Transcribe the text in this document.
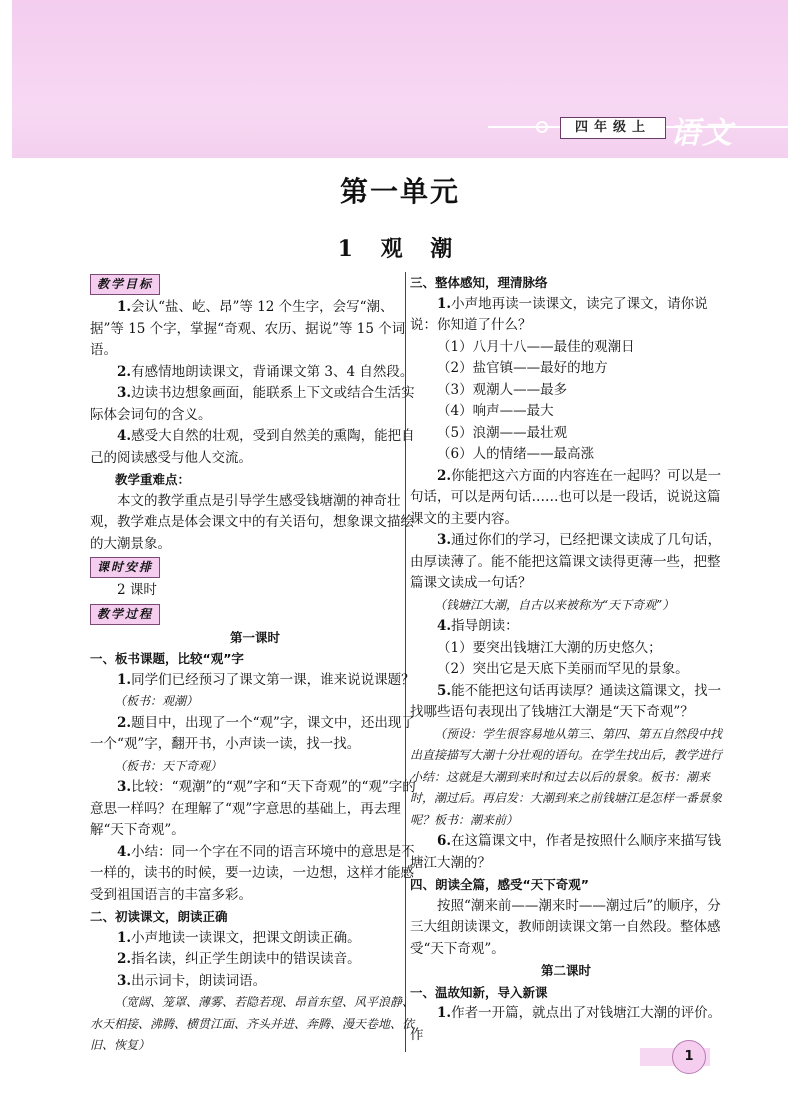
四年级上 语文
第一单元
1 观 潮
教学目标

1.会认“盐、屹、昂”等 12 个生字，会写“潮、据”等 15 个字，掌握“奇观、农历、据说”等 15 个词语。

2.有感情地朗读课文，背诵课文第 3、4 自然段。

3.边读书边想象画面，能联系上下文或结合生活实际体会词句的含义。

4.感受大自然的壮观，受到自然美的熏陶，能把自己的阅读感受与他人交流。

教学重难点：

本文的教学重点是引导学生感受钱塘潮的神奇壮观，教学难点是体会课文中的有关语句，想象课文描绘的大潮景象。

课时安排

2 课时

教学过程

第一课时

一、板书课题，比较“观”字

1.同学们已经预习了课文第一课，谁来说说课题？

（板书：观潮）

2.题目中，出现了一个“观”字，课文中，还出现了一个“观”字，翻开书，小声读一读，找一找。

（板书：天下奇观）

3.比较：“观潮”的“观”字和“天下奇观”的“观”字的意思一样吗？在理解了“观”字意思的基础上，再去理解“天下奇观”。

4.小结：同一个字在不同的语言环境中的意思是不一样的，读书的时候，要一边读，一边想，这样才能感受到祖国语言的丰富多彩。

二、初读课文，朗读正确

1.小声地读一读课文，把课文朗读正确。

2.指名读，纠正学生朗读中的错误读音。

3.出示词卡，朗读词语。

（宽阔、笼罩、薄雾、若隐若现、昂首东望、风平浪静、水天相接、沸腾、横贯江面、齐头并进、奔腾、漫天卷地、依旧、恢复）

三、整体感知，理清脉络

1.小声地再读一读课文，读完了课文，请你说说：你知道了什么？

（1）八月十八——最佳的观潮日

（2）盐官镇——最好的地方

（3）观潮人——最多

（4）响声——最大

（5）浪潮——最壮观

（6）人的情绪——最高涨

2.你能把这六方面的内容连在一起吗？可以是一句话，可以是两句话……也可以是一段话，说说这篇课文的主要内容。

3.通过你们的学习，已经把课文读成了几句话，由厚读薄了。能不能把这篇课文读得更薄一些，把整篇课文读成一句话？

（钱塘江大潮，自古以来被称为“天下奇观”）

4.指导朗读：

（1）要突出钱塘江大潮的历史悠久；

（2）突出它是天底下美丽而罕见的景象。

5.能不能把这句话再读厚？通读这篇课文，找一找哪些语句表现出了钱塘江大潮是“天下奇观”？

（预设：学生很容易地从第三、第四、第五自然段中找出直接描写大潮十分壮观的语句。在学生找出后，教学进行小结：这就是大潮到来时和过去以后的景象。板书：潮来时，潮过后。再启发：大潮到来之前钱塘江是怎样一番景象呢？板书：潮来前）

6.在这篇课文中，作者是按照什么顺序来描写钱塘江大潮的？

四、朗读全篇，感受“天下奇观”

按照“潮来前——潮来时——潮过后”的顺序，分三大组朗读课文，教师朗读课文第一自然段。整体感受“天下奇观”。

第二课时

一、温故知新，导入新课

1.作者一开篇，就点出了对钱塘江大潮的评价。作

1
